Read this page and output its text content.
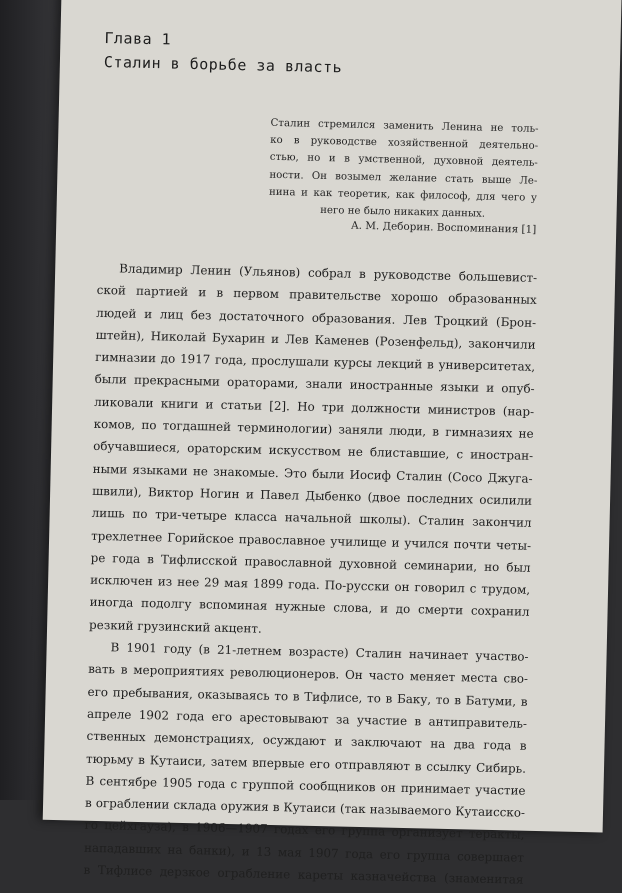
Глава 1
Сталин в борьбе за власть
Сталин стремился заменить Ленина не толь-
ко в руководстве хозяйственной деятельно-
стью, но и в умственной, духовной деятель-
ности. Он возымел желание стать выше Ле-
нина и как теоретик, как философ, для чего у
него не было никаких данных.
А. М. Деборин. Воспоминания [1]
Владимир Ленин (Ульянов) собрал в руководстве большевист-
ской партией и в первом правительстве хорошо образованных
людей и лиц без достаточного образования. Лев Троцкий (Брон-
штейн), Николай Бухарин и Лев Каменев (Розенфельд), закончили
гимназии до 1917 года, прослушали курсы лекций в университетах,
были прекрасными ораторами, знали иностранные языки и опуб-
ликовали книги и статьи [2]. Но три должности министров (нар-
комов, по тогдашней терминологии) заняли люди, в гимназиях не
обучавшиеся, ораторским искусством не блиставшие, с иностран-
ными языками не знакомые. Это были Иосиф Сталин (Сосо Джуга-
швили), Виктор Ногин и Павел Дыбенко (двое последних осилили
лишь по три-четыре класса начальной школы). Сталин закончил
трехлетнее Горийское православное училище и учился почти четы-
ре года в Тифлисской православной духовной семинарии, но был
исключен из нее 29 мая 1899 года. По-русски он говорил с трудом,
иногда подолгу вспоминая нужные слова, и до смерти сохранил
резкий грузинский акцент.
В 1901 году (в 21-летнем возрасте) Сталин начинает участво-
вать в мероприятиях революционеров. Он часто меняет места сво-
его пребывания, оказываясь то в Тифлисе, то в Баку, то в Батуми, в
апреле 1902 года его арестовывают за участие в антиправитель-
ственных демонстрациях, осуждают и заключают на два года в
тюрьму в Кутаиси, затем впервые его отправляют в ссылку Сибирь.
В сентябре 1905 года с группой сообщников он принимает участие
в ограблении склада оружия в Кутаиси (так называемого Кутаисско-
го цейхгауза), в 1906—1907 годах его группа организует теракты,
нападавших на банки), и 13 мая 1907 года его группа совершает
в Тифлисе дерзкое ограбление кареты казначейства (знаменитая
